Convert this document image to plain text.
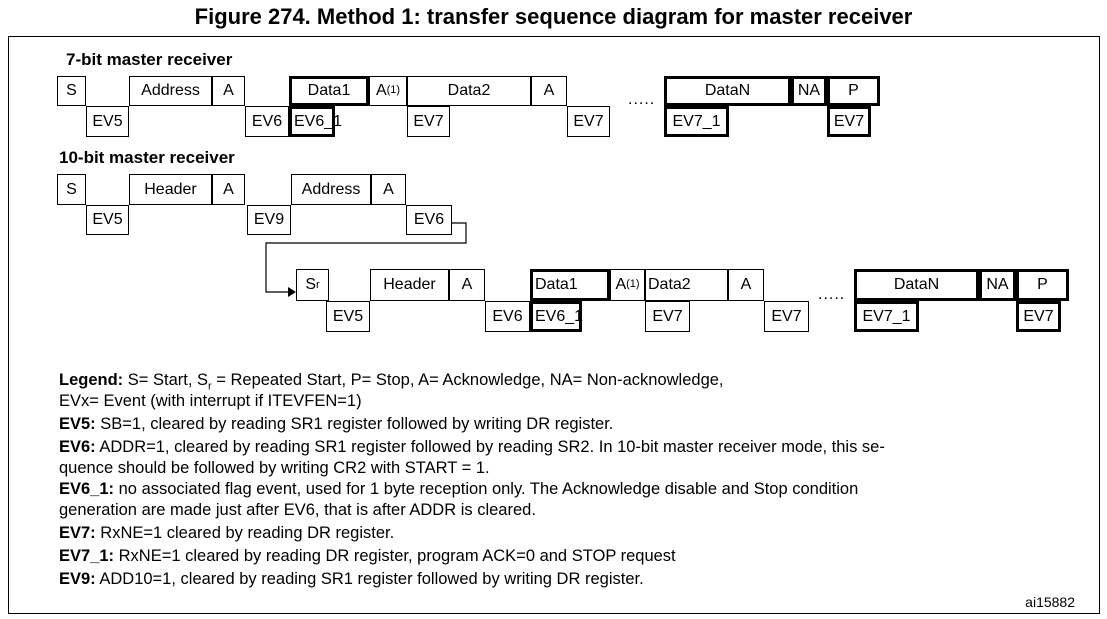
Figure 274. Method 1: transfer sequence diagram for master receiver
7-bit master receiver
10-bit master receiver
S	Address	A	Data1	$A^{(1)}$	Data2	A
.....
DataN	NA	P
EV5	EV6 EV6_1	EV7	EV7	EV7_1	EV7
S	Header	A	Address	A
EV5	EV9	EV6
S r	Header	A	Data1	$A^{(1)}$ Data2	A
.....
DataN	NA	P
EV5	EV6 EV6_1	EV7	EV7	EV7_1	EV7

Legend: S= Start, $S_r$ = Repeated Start, P= Stop, A= Acknowledge, NA= Non-acknowledge,

EVx= Event (with interrupt if ITEVFEN=1)

EV5: SB=1, cleared by reading SR1 register followed by writing DR register.

EV6: ADDR=1, cleared by reading SR1 register followed by reading SR2. In 10-bit master receiver mode, this se-

quence should be followed by writing CR2 with START = 1.

EV6_1: no associated flag event, used for 1 byte reception only. The Acknowledge disable and Stop condition

generation are made just after EV6, that is after ADDR is cleared.

EV7: RxNE=1 cleared by reading DR register.

EV7_1: RxNE=1 cleared by reading DR register, program ACK=0 and STOP request

EV9: ADD10=1, cleared by reading SR1 register followed by writing DR register.

ai15882
